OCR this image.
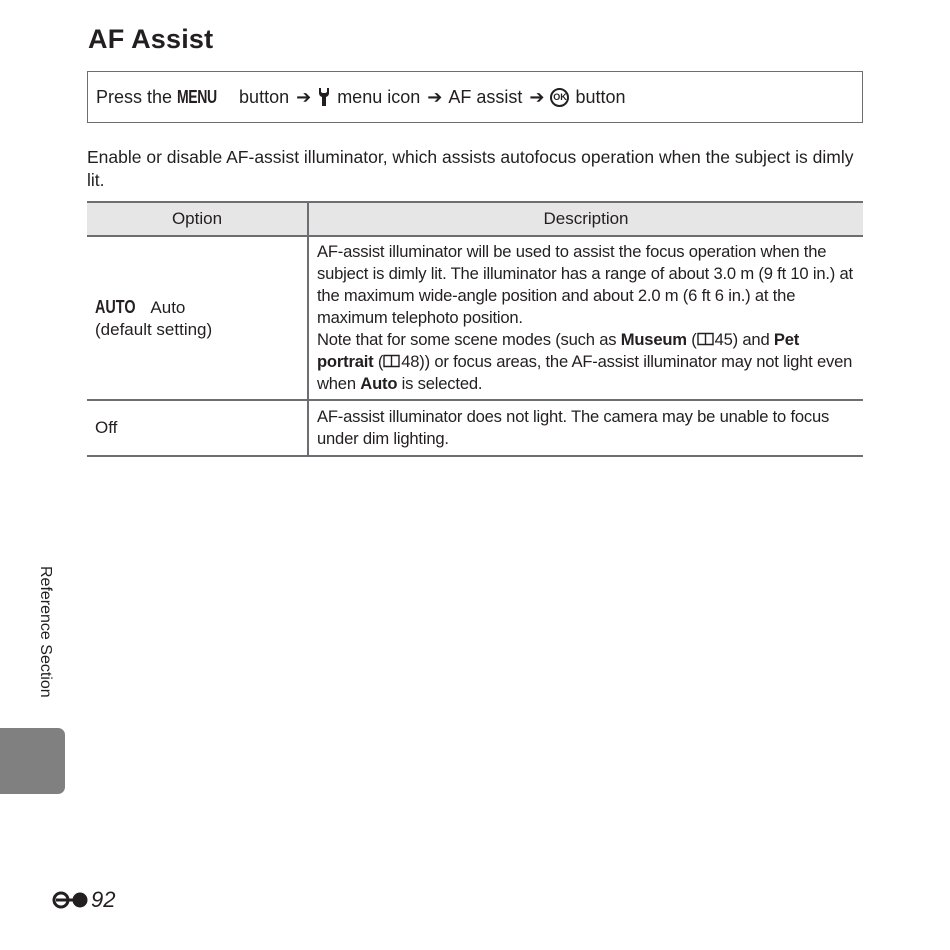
AF Assist
Press the MENU button ➔ menu icon ➔ AF assist ➔ OK button

Enable or disable AF-assist illuminator, which assists autofocus operation when the subject is dimly lit.

Option	Description
AUTO Auto
(default setting)	AF-assist illuminator will be used to assist the focus operation when the subject is dimly lit. The illuminator has a range of about 3.0 m (9 ft 10 in.) at the maximum wide-angle position and about 2.0 m (6 ft 6 in.) at the maximum telephoto position.
Note that for some scene modes (such as Museum ( 45) and Pet portrait ( 48)) or focus areas, the AF-assist illuminator may not light even when Auto is selected.
Off	AF-assist illuminator does not light. The camera may be unable to focus under dim lighting.
Reference Section
92
